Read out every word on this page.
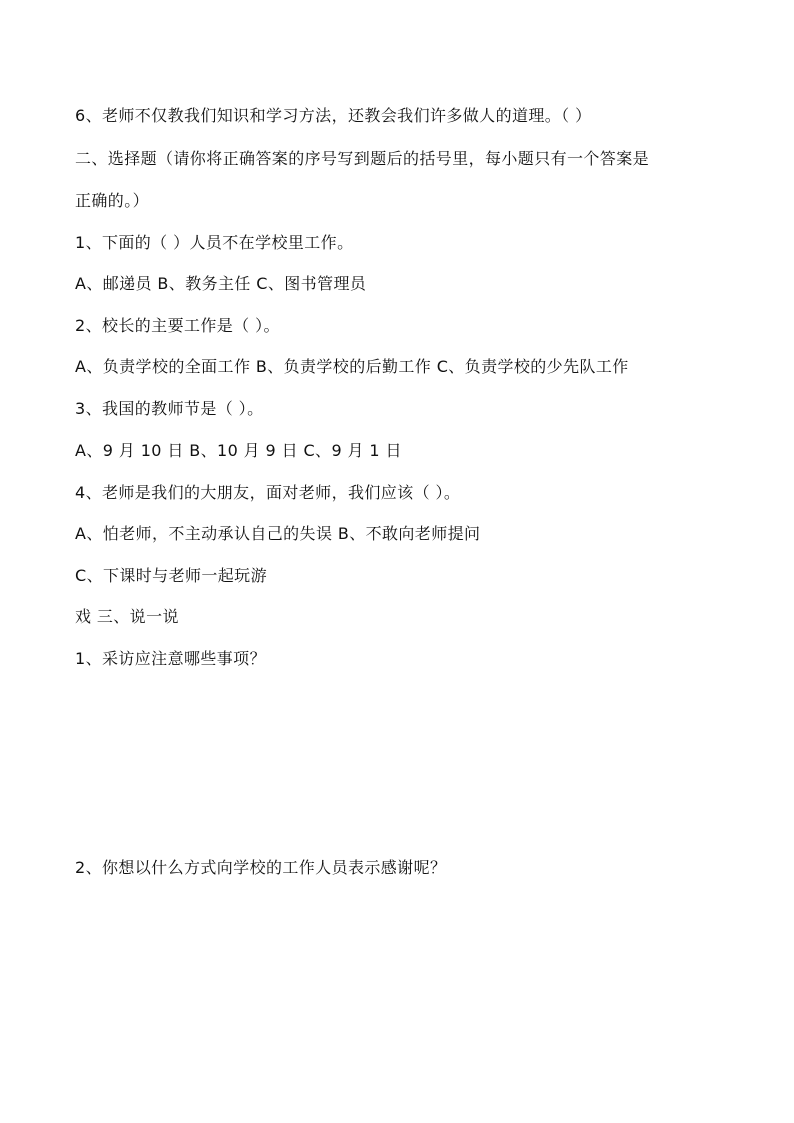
6、老师不仅教我们知识和学习方法，还教会我们许多做人的道理。（ ）
二、选择题（请你将正确答案的序号写到题后的括号里，每小题只有一个答案是
正确的。）
1、下面的（ ）人员不在学校里工作。
A、邮递员 B、教务主任 C、图书管理员
2、校长的主要工作是（ ）。
A、负责学校的全面工作 B、负责学校的后勤工作 C、负责学校的少先队工作
3、我国的教师节是（ ）。
A、9 月 10 日 B、10 月 9 日 C、9 月 1 日
4、老师是我们的大朋友，面对老师，我们应该（ ）。
A、怕老师，不主动承认自己的失误 B、不敢向老师提问
C、下课时与老师一起玩游
戏 三、说一说
1、采访应注意哪些事项？
2、你想以什么方式向学校的工作人员表示感谢呢？
